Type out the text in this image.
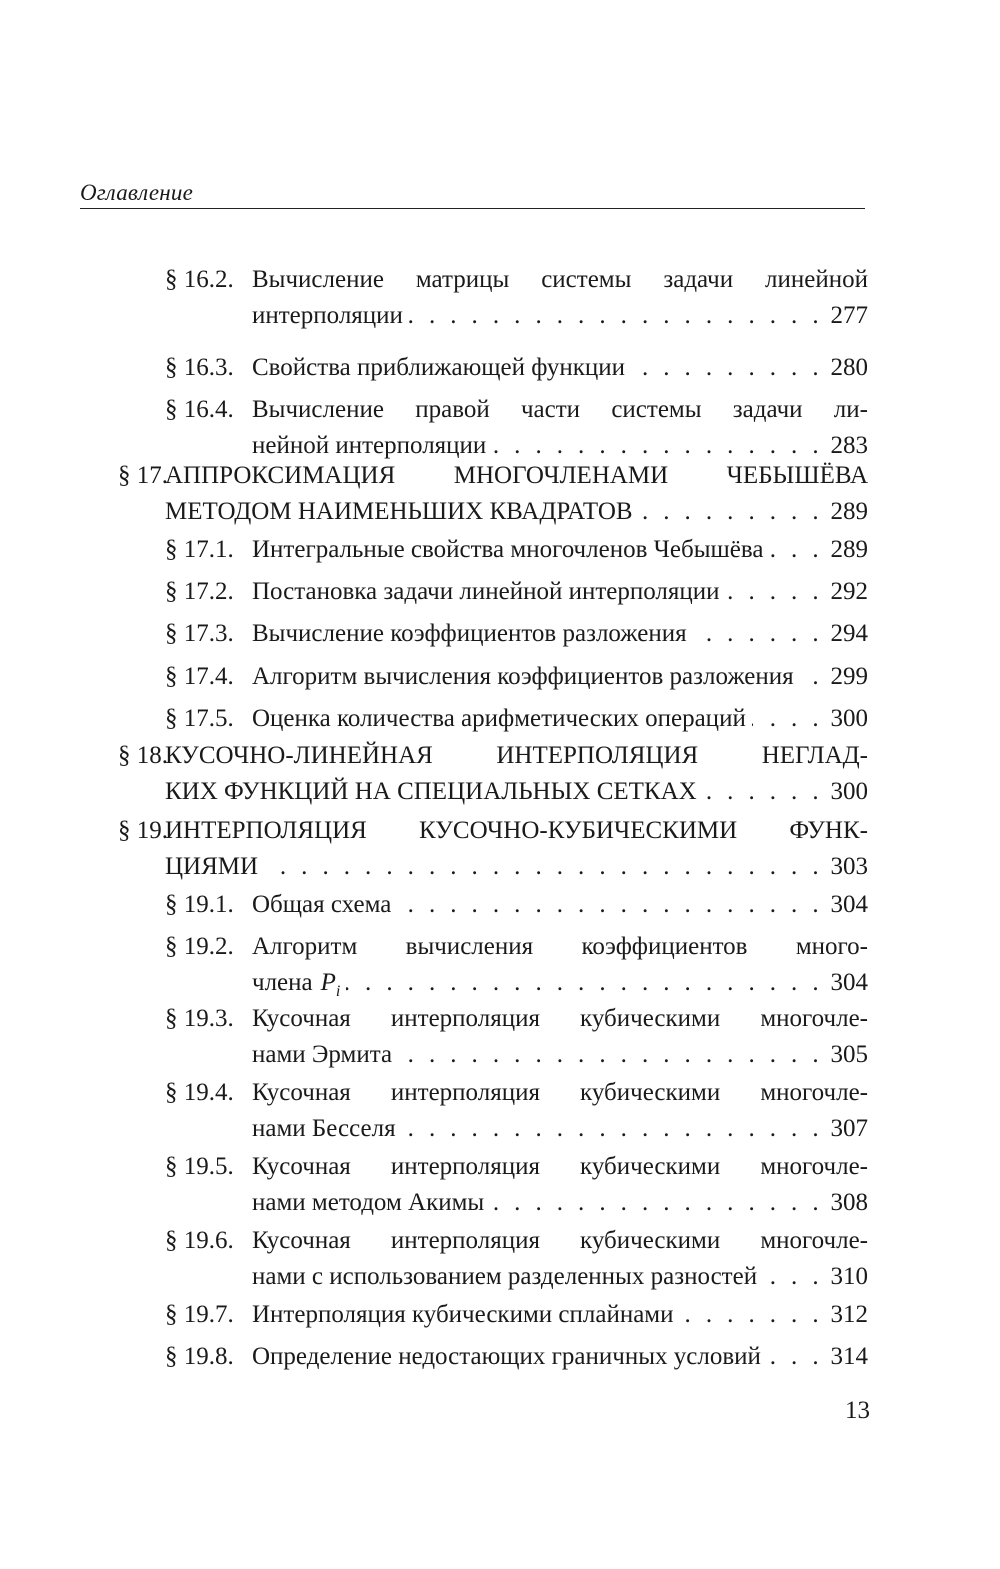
Оглавление
§ 16.2. Вычисление матрицы системы задачи линейной
интерполяции . . .	277
§ 16.3. Свойства приближающей функции . . .	280
§ 16.4. Вычисление правой части системы задачи ли-
нейной интерполяции . . .	283
§ 17.
АППРОКСИМАЦИЯ МНОГОЧЛЕНАМИ ЧЕБЫШЁВА
МЕТОДОМ НАИМЕНЬШИХ КВАДРАТОВ . . .	289
§ 17.1. Интегральные свойства многочленов Чебышёва . . .	289
§ 17.2. Постановка задачи линейной интерполяции . . .	292
§ 17.3. Вычисление коэффициентов разложения . . .	294
§ 17.4. Алгоритм вычисления коэффициентов разложения . . . 299
§ 17.5. Оценка количества арифметических операций . . .	300
§ 18.
КУСОЧНО-ЛИНЕЙНАЯ ИНТЕРПОЛЯЦИЯ НЕГЛАД-
КИХ ФУНКЦИЙ НА СПЕЦИАЛЬНЫХ СЕТКАХ . . .	300
§ 19.
ИНТЕРПОЛЯЦИЯ КУСОЧНО-КУБИЧЕСКИМИ ФУНК-
ЦИЯМИ . . .	303
§ 19.1. Общая схема . . .	304
§ 19.2. Алгоритм вычисления коэффициентов много-
члена $P_i$ . . .	304
§ 19.3. Кусочная интерполяция кубическими многочле-
нами Эрмита . . .	305
§ 19.4. Кусочная интерполяция кубическими многочле-
нами Бесселя . . .	307
§ 19.5. Кусочная интерполяция кубическими многочле-
нами методом Акимы . . .	308
§ 19.6. Кусочная интерполяция кубическими многочле-
нами с использованием разделенных разностей . . .	310
§ 19.7. Интерполяция кубическими сплайнами . . .	312
§ 19.8. Определение недостающих граничных условий . . .	314
13
